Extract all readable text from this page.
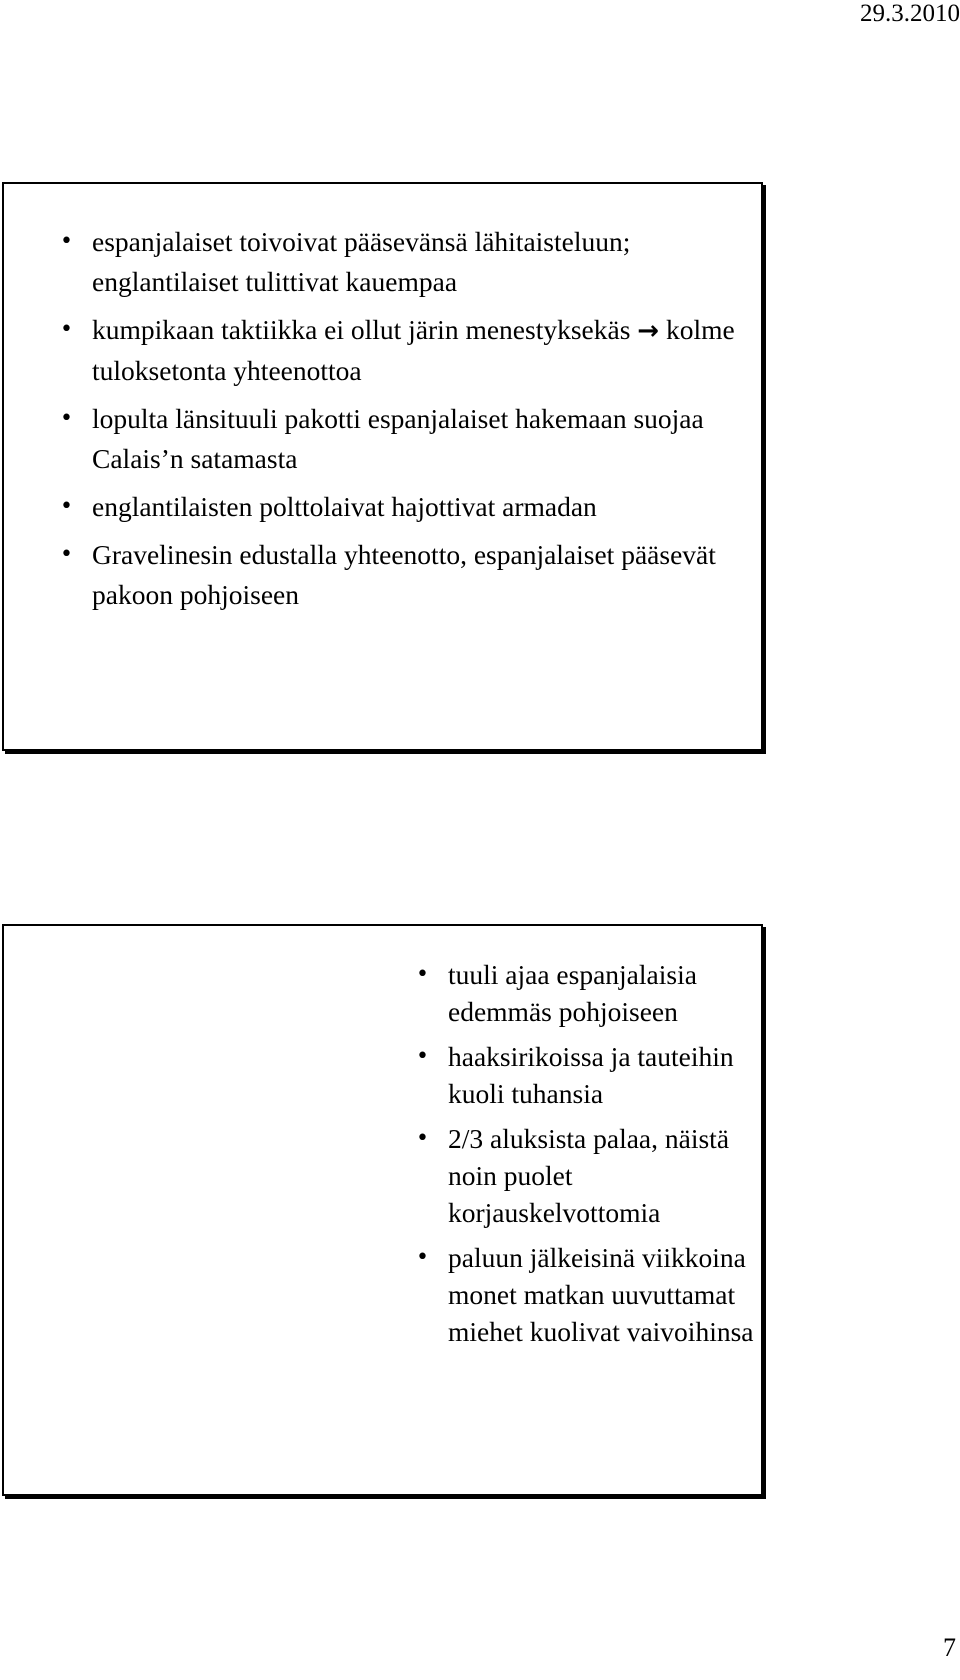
29.3.2010
• espanjalaiset toivoivat pääsevänsä lähitaisteluun; englantilaiset tulittivat kauempaa
• kumpikaan taktiikka ei ollut järin menestyksekäs → kolme tuloksetonta yhteenottoa
• lopulta länsituuli pakotti espanjalaiset hakemaan suojaa Calais’n satamasta
• englantilaisten polttolaivat hajottivat armadan
• Gravelinesin edustalla yhteenotto, espanjalaiset pääsevät pakoon pohjoiseen
• tuuli ajaa espanjalaisia edemmäs pohjoiseen
• haaksirikoissa ja tauteihin kuoli tuhansia
• 2/3 aluksista palaa, näistä noin puolet korjauskelvottomia
• paluun jälkeisinä viikkoina monet matkan uuvuttamat miehet kuolivat vaivoihinsa
7
